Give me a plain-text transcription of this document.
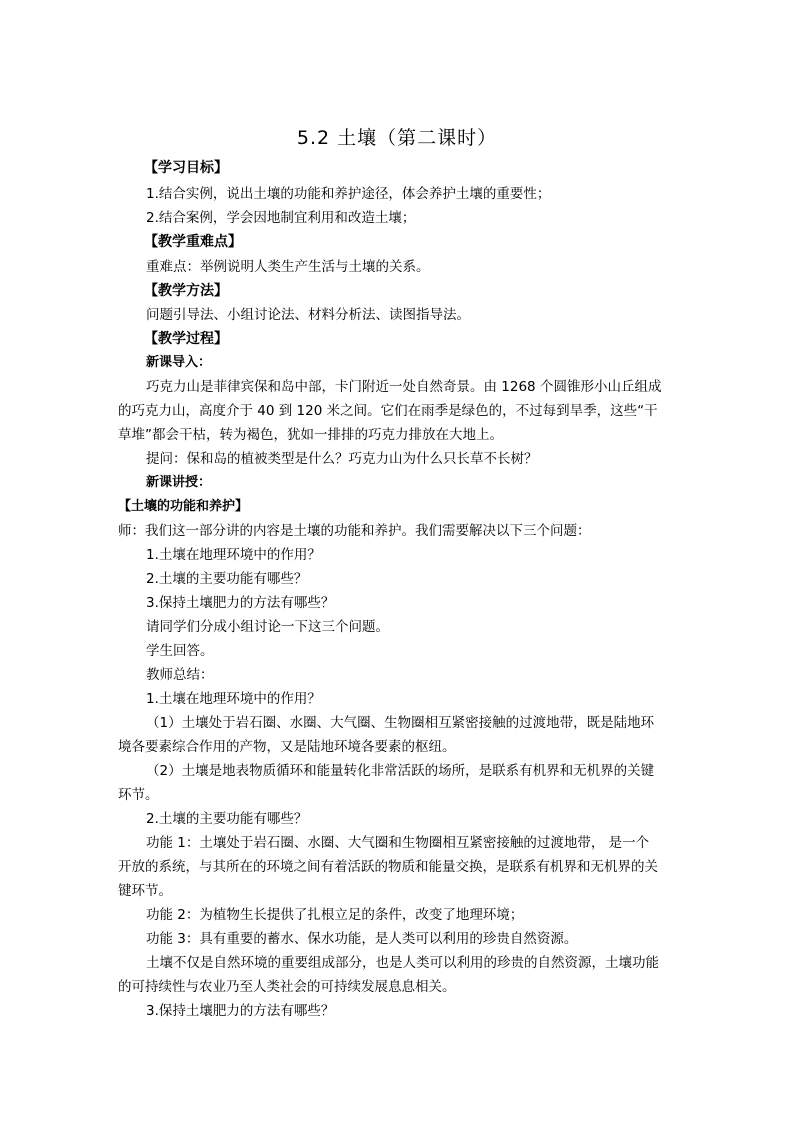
5.2 土壤（第二课时）
【学习目标】
1.结合实例，说出土壤的功能和养护途径，体会养护土壤的重要性；
2.结合案例，学会因地制宜利用和改造土壤；
【教学重难点】
重难点：举例说明人类生产生活与土壤的关系。
【教学方法】
问题引导法、小组讨论法、材料分析法、读图指导法。
【教学过程】
新课导入：
巧克力山是菲律宾保和岛中部，卡门附近一处自然奇景。由 1268 个圆锥形小山丘组成
的巧克力山，高度介于 40 到 120 米之间。它们在雨季是绿色的，不过每到旱季，这些“干
草堆”都会干枯，转为褐色，犹如一排排的巧克力排放在大地上。
提问：保和岛的植被类型是什么？巧克力山为什么只长草不长树？
新课讲授：
【土壤的功能和养护】
师：我们这一部分讲的内容是土壤的功能和养护。我们需要解决以下三个问题：
1.土壤在地理环境中的作用？
2.土壤的主要功能有哪些？
3.保持土壤肥力的方法有哪些？
请同学们分成小组讨论一下这三个问题。
学生回答。
教师总结：
1.土壤在地理环境中的作用？
（1）土壤处于岩石圈、水圈、大气圈、生物圈相互紧密接触的过渡地带，既是陆地环
境各要素综合作用的产物，又是陆地环境各要素的枢纽。
（2）土壤是地表物质循环和能量转化非常活跃的场所，是联系有机界和无机界的关键
环节。
2.土壤的主要功能有哪些？
功能 1：土壤处于岩石圈、水圈、大气圈和生物圈相互紧密接触的过渡地带， 是一个
开放的系统，与其所在的环境之间有着活跃的物质和能量交换，是联系有机界和无机界的关
键环节。
功能 2：为植物生长提供了扎根立足的条件，改变了地理环境；
功能 3：具有重要的蓄水、保水功能，是人类可以利用的珍贵自然资源。
土壤不仅是自然环境的重要组成部分，也是人类可以利用的珍贵的自然资源，土壤功能
的可持续性与农业乃至人类社会的可持续发展息息相关。
3.保持土壤肥力的方法有哪些？
